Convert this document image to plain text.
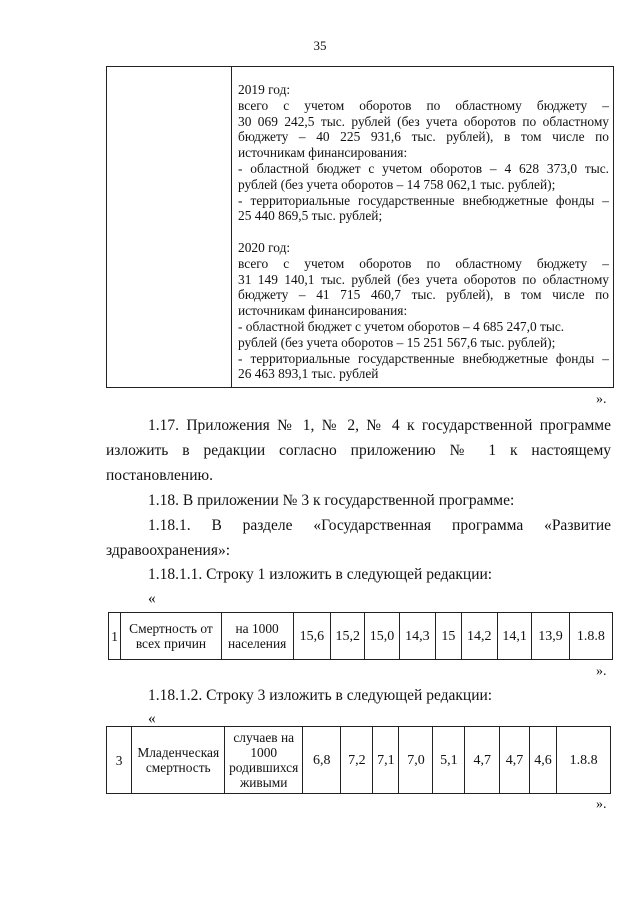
35
2019 год:
всего с учетом оборотов по областному бюджету –
30 069 242,5 тыс. рублей (без учета оборотов по областному
бюджету – 40 225 931,6 тыс. рублей), в том числе по
источникам финансирования:
- областной бюджет с учетом оборотов – 4 628 373,0 тыс.
рублей (без учета оборотов – 14 758 062,1 тыс. рублей);
- территориальные государственные внебюджетные фонды –
25 440 869,5 тыс. рублей;
2020 год:
всего с учетом оборотов по областному бюджету –
31 149 140,1 тыс. рублей (без учета оборотов по областному
бюджету – 41 715 460,7 тыс. рублей), в том числе по
источникам финансирования:
- областной бюджет с учетом оборотов – 4 685 247,0 тыс.
рублей (без учета оборотов – 15 251 567,6 тыс. рублей);
- территориальные государственные внебюджетные фонды –
26 463 893,1 тыс. рублей
».
1.17. Приложения № 1, № 2, № 4 к государственной программе
изложить в редакции согласно приложению № 1 к настоящему
постановлению.
1.18. В приложении № 3 к государственной программе:
1.18.1. В разделе «Государственная программа «Развитие
здравоохранения»:
1.18.1.1. Строку 1 изложить в следующей редакции:
«
1	Смертность от всех причин	на 1000 населения	15,6	15,2	15,0	14,3	15	14,2	14,1	13,9	1.8.8
».
1.18.1.2. Строку 3 изложить в следующей редакции:
«
3	Младенческая смертность	случаев на 1000 родившихся живыми	6,8	7,2	7,1	7,0	5,1	4,7	4,7	4,6	1.8.8
».
